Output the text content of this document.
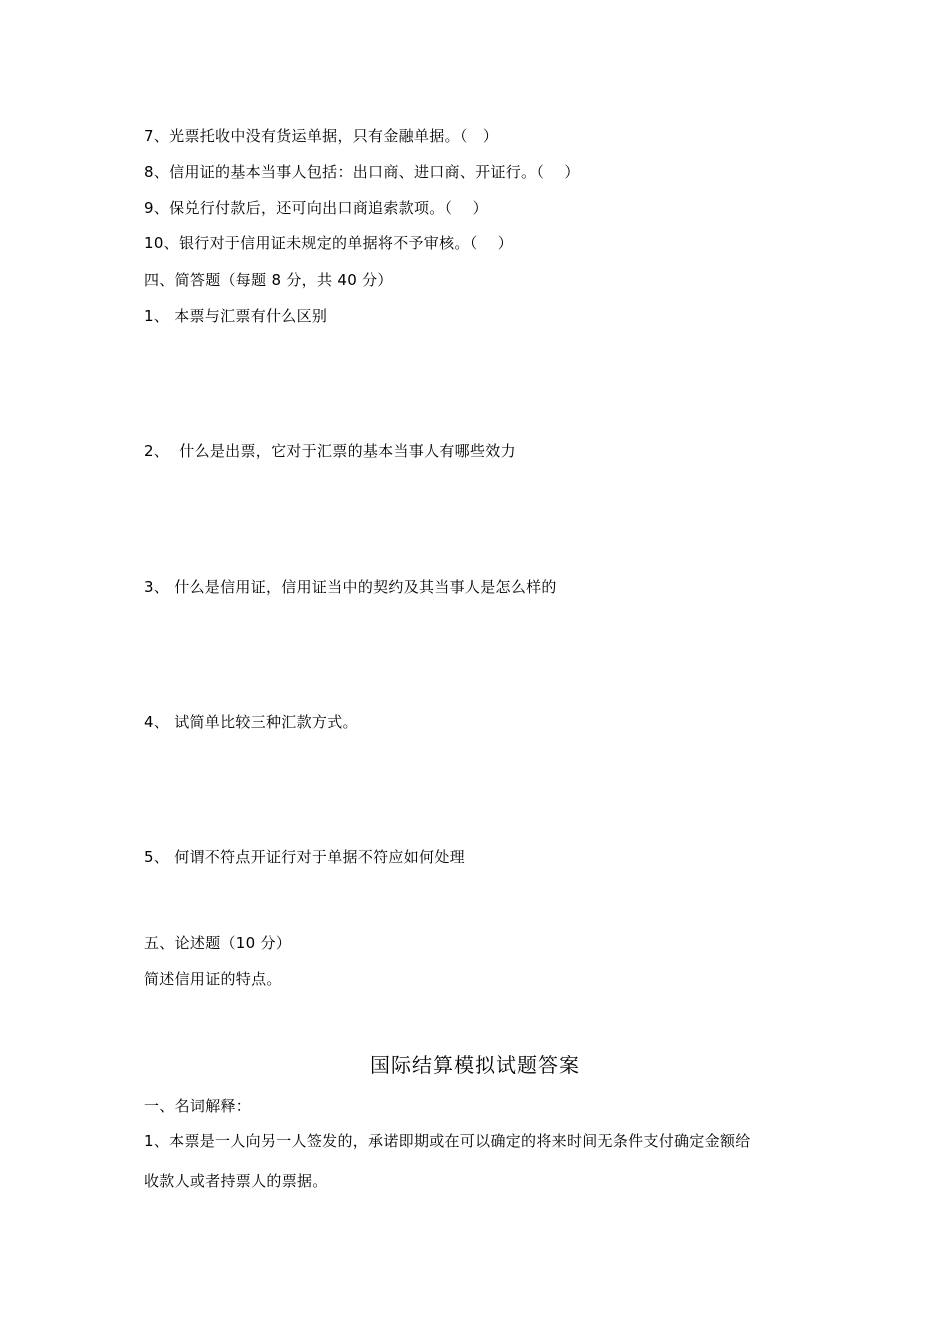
7、光票托收中没有货运单据，只有金融单据。（   ）
8、信用证的基本当事人包括：出口商、进口商、开证行。（    ）
9、保兑行付款后，还可向出口商追索款项。（    ）
10、银行对于信用证未规定的单据将不予审核。（    ）
四、简答题（每题 8 分，共 40 分）
1、 本票与汇票有什么区别
2、  什么是出票，它对于汇票的基本当事人有哪些效力
3、 什么是信用证，信用证当中的契约及其当事人是怎么样的
4、 试简单比较三种汇款方式。
5、 何谓不符点开证行对于单据不符应如何处理
五、论述题（10 分）
简述信用证的特点。
国际结算模拟试题答案
一、名词解释：
1、本票是一人向另一人签发的，承诺即期或在可以确定的将来时间无条件支付确定金额给
收款人或者持票人的票据。
